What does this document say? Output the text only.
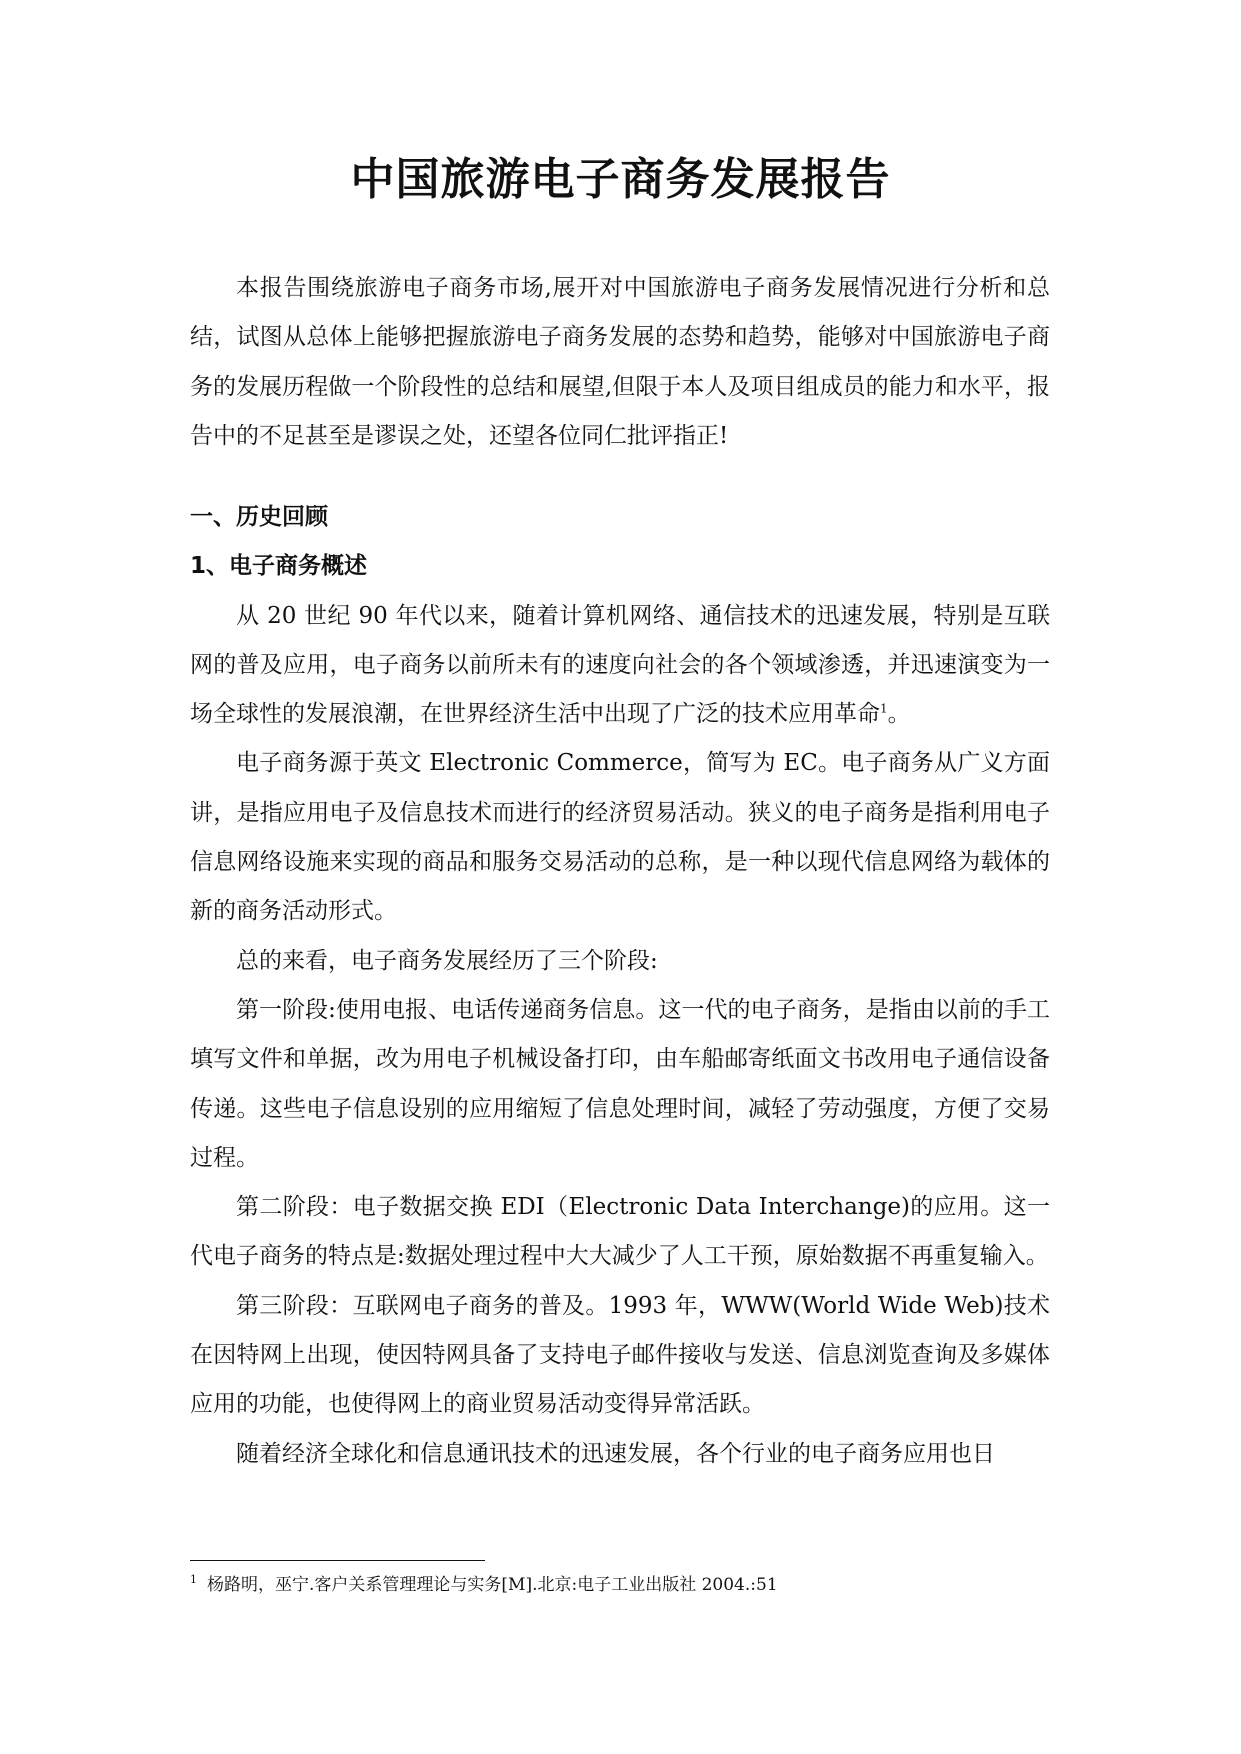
中国旅游电子商务发展报告

本报告围绕旅游电子商务市场,展开对中国旅游电子商务发展情况进行分析和总结，试图从总体上能够把握旅游电子商务发展的态势和趋势，能够对中国旅游电子商务的发展历程做一个阶段性的总结和展望,但限于本人及项目组成员的能力和水平，报告中的不足甚至是谬误之处，还望各位同仁批评指正!

一、历史回顾

1、电子商务概述

从 20 世纪 90 年代以来，随着计算机网络、通信技术的迅速发展，特别是互联网的普及应用，电子商务以前所未有的速度向社会的各个领域渗透，并迅速演变为一场全球性的发展浪潮，在世界经济生活中出现了广泛的技术应用革命$^1$。

电子商务源于英文 Electronic Commerce，简写为 EC。电子商务从广义方面讲，是指应用电子及信息技术而进行的经济贸易活动。狭义的电子商务是指利用电子信息网络设施来实现的商品和服务交易活动的总称，是一种以现代信息网络为载体的新的商务活动形式。

总的来看，电子商务发展经历了三个阶段:

第一阶段:使用电报、电话传递商务信息。这一代的电子商务，是指由以前的手工填写文件和单据，改为用电子机械设备打印，由车船邮寄纸面文书改用电子通信设备传递。这些电子信息设别的应用缩短了信息处理时间，减轻了劳动强度，方便了交易过程。

第二阶段：电子数据交换 EDI（Electronic Data Interchange)的应用。这一代电子商务的特点是:数据处理过程中大大减少了人工干预，原始数据不再重复输入。

第三阶段：互联网电子商务的普及。1993 年，WWW(World Wide Web)技术在因特网上出现，使因特网具备了支持电子邮件接收与发送、信息浏览查询及多媒体应用的功能，也使得网上的商业贸易活动变得异常活跃。

随着经济全球化和信息通讯技术的迅速发展，各个行业的电子商务应用也日

$^1$ 杨路明，巫宁.客户关系管理理论与实务[M].北京:电子工业出版社 2004.:51
